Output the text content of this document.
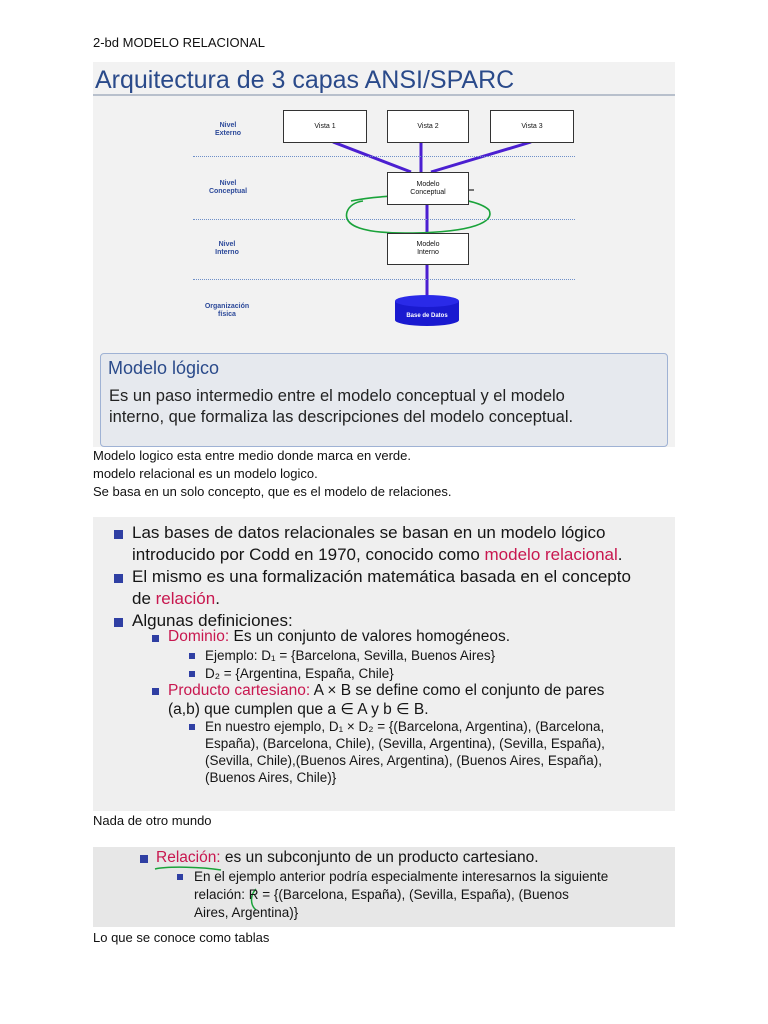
2-bd MODELO RELACIONAL
Arquitectura de 3 capas ANSI/SPARC
Nivel
Externo
Nivel
Conceptual
Nivel
Interno
Organización
física
Vista 1	Vista 2	Vista 3
Modelo
Conceptual
Modelo
Interno
Base de Datos
Modelo lógico
Es un paso intermedio entre el modelo conceptual y el modelo
interno, que formaliza las descripciones del modelo conceptual.
Modelo logico esta entre medio donde marca en verde.
modelo relacional es un modelo logico.
Se basa en un solo concepto, que es el modelo de relaciones.
Las bases de datos relacionales se basan en un modelo lógico
introducido por Codd en 1970, conocido como modelo relacional.
El mismo es una formalización matemática basada en el concepto
de relación.
Algunas definiciones:
Dominio: Es un conjunto de valores homogéneos.
Ejemplo: D₁ = {Barcelona, Sevilla, Buenos Aires}
D₂ = {Argentina, España, Chile}
Producto cartesiano: A × B se define como el conjunto de pares
(a,b) que cumplen que a ∈ A y b ∈ B.
En nuestro ejemplo, D₁ × D₂ = {(Barcelona, Argentina), (Barcelona,
España), (Barcelona, Chile), (Sevilla, Argentina), (Sevilla, España),
(Sevilla, Chile),(Buenos Aires, Argentina), (Buenos Aires, España),
(Buenos Aires, Chile)}
Nada de otro mundo
Relación: es un subconjunto de un producto cartesiano.
En el ejemplo anterior podría especialmente interesarnos la siguiente
relación: R = {(Barcelona, España), (Sevilla, España), (Buenos
Aires, Argentina)}
Lo que se conoce como tablas
